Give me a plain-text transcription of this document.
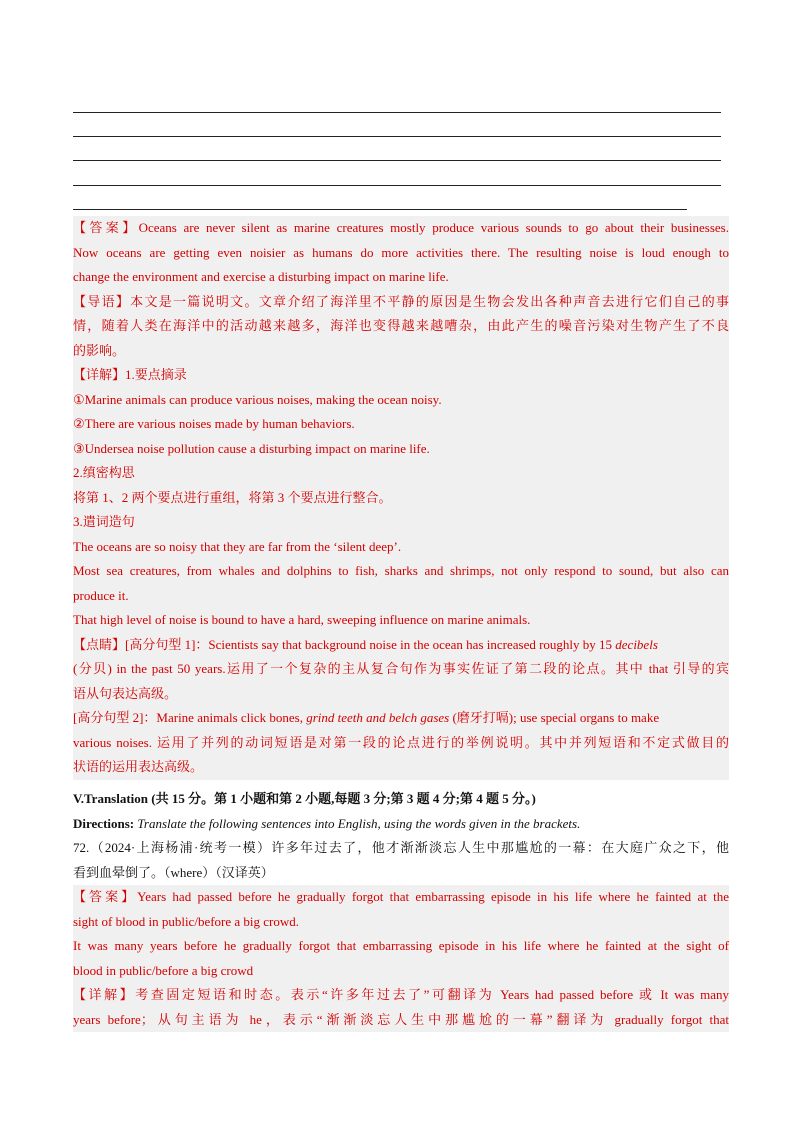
【答案】Oceans are never silent as marine creatures mostly produce various sounds to go about their businesses.

Now oceans are getting even noisier as humans do more activities there. The resulting noise is loud enough to

change the environment and exercise a disturbing impact on marine life.

【导语】本文是一篇说明文。文章介绍了海洋里不平静的原因是生物会发出各种声音去进行它们自己的事

情，随着人类在海洋中的活动越来越多，海洋也变得越来越嘈杂，由此产生的噪音污染对生物产生了不良

的影响。

【详解】1.要点摘录

①Marine animals can produce various noises, making the ocean noisy.

②There are various noises made by human behaviors.

③Undersea noise pollution cause a disturbing impact on marine life.

2.缜密构思

将第 1、2 两个要点进行重组，将第 3 个要点进行整合。

3.遣词造句

The oceans are so noisy that they are far from the ‘silent deep’.

Most sea creatures, from whales and dolphins to fish, sharks and shrimps, not only respond to sound, but also can

produce it.

That high level of noise is bound to have a hard, sweeping influence on marine animals.

【点睛】[高分句型 1]：Scientists say that background noise in the ocean has increased roughly by 15 decibels

(分贝) in the past 50 years.运用了一个复杂的主从复合句作为事实佐证了第二段的论点。其中 that 引导的宾

语从句表达高级。

[高分句型 2]：Marine animals click bones, grind teeth and belch gases (磨牙打嗝); use special organs to make

various noises. 运用了并列的动词短语是对第一段的论点进行的举例说明。其中并列短语和不定式做目的

状语的运用表达高级。

V.Translation (共 15 分。第 1 小题和第 2 小题,每题 3 分;第 3 题 4 分;第 4 题 5 分。)

Directions: Translate the following sentences into English, using the words given in the brackets.

72.（2024·上海杨浦·统考一模）许多年过去了，他才渐渐淡忘人生中那尴尬的一幕：在大庭广众之下，他

看到血晕倒了。（where）（汉译英）

【答案】Years had passed before he gradually forgot that embarrassing episode in his life where he fainted at the

sight of blood in public/before a big crowd.

It was many years before he gradually forgot that embarrassing episode in his life where he fainted at the sight of

blood in public/before a big crowd

【详解】考查固定短语和时态。表示“许多年过去了”可翻译为 Years had passed before 或 It was many

years before；从句主语为 he，表示“渐渐淡忘人生中那尴尬的一幕”翻译为 gradually forgot that
